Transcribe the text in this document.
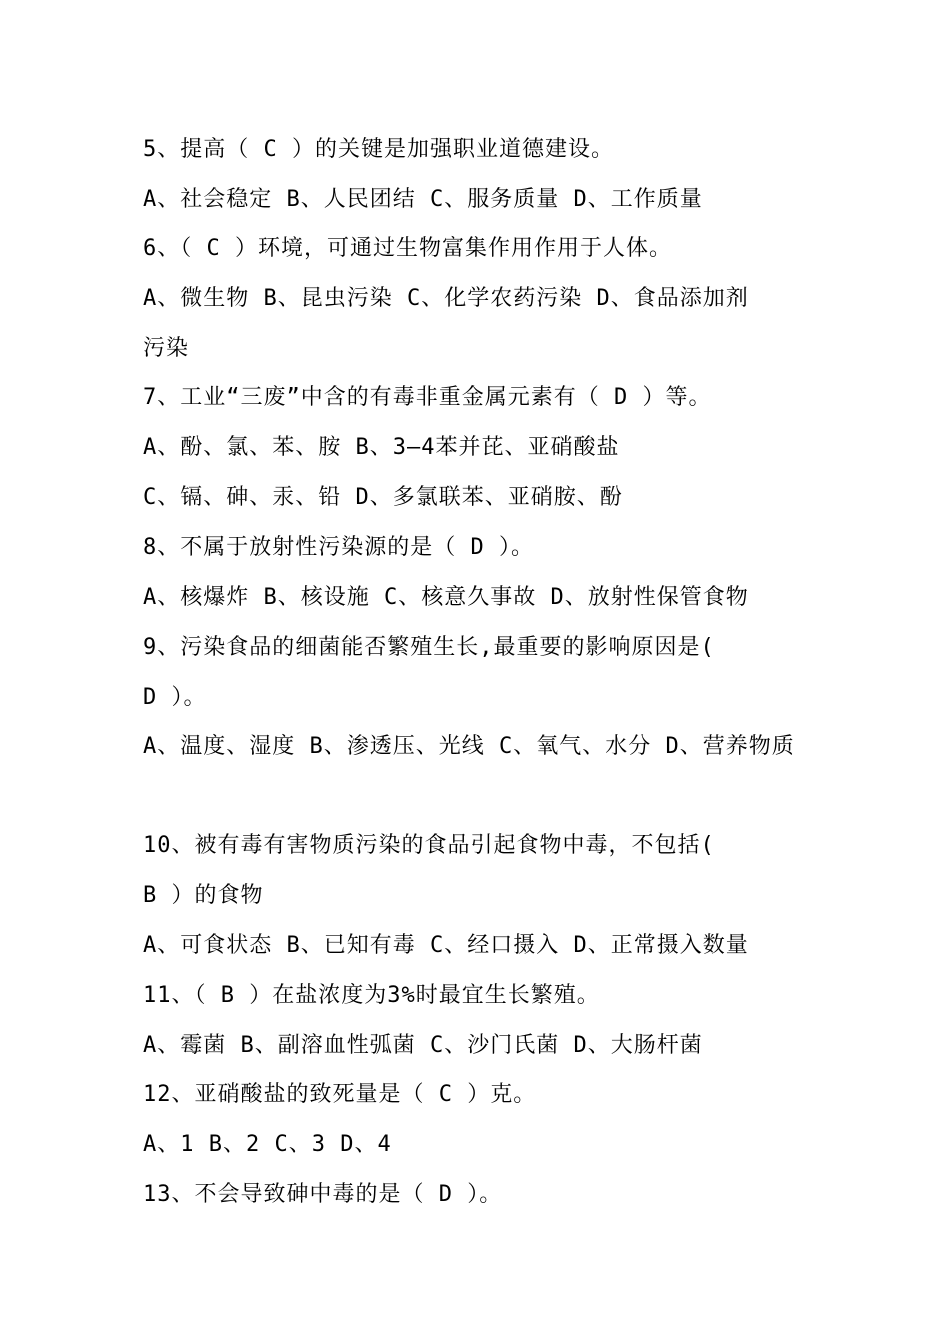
5、提高（ C ）的关键是加强职业道德建设。
A、社会稳定 B、人民团结 C、服务质量 D、工作质量
6、（ C ）环境，可通过生物富集作用作用于人体。
A、微生物 B、昆虫污染 C、化学农药污染 D、食品添加剂
污染
7、工业“三废”中含的有毒非重金属元素有（ D ）等。
A、酚、氯、苯、胺 B、3—4苯并芘、亚硝酸盐
C、镉、砷、汞、铅 D、多氯联苯、亚硝胺、酚
8、不属于放射性污染源的是（ D ）。
A、核爆炸 B、核设施 C、核意久事故 D、放射性保管食物
9、污染食品的细菌能否繁殖生长,最重要的影响原因是(
D ）。
A、温度、湿度 B、渗透压、光线 C、氧气、水分 D、营养物质
10、被有毒有害物质污染的食品引起食物中毒，不包括(
B ）的食物
A、可食状态 B、已知有毒 C、经口摄入 D、正常摄入数量
11、（ B ）在盐浓度为3%时最宜生长繁殖。
A、霉菌 B、副溶血性弧菌 C、沙门氏菌 D、大肠杆菌
12、亚硝酸盐的致死量是（ C ）克。
A、1 B、2 C、3 D、4
13、不会导致砷中毒的是（ D ）。
